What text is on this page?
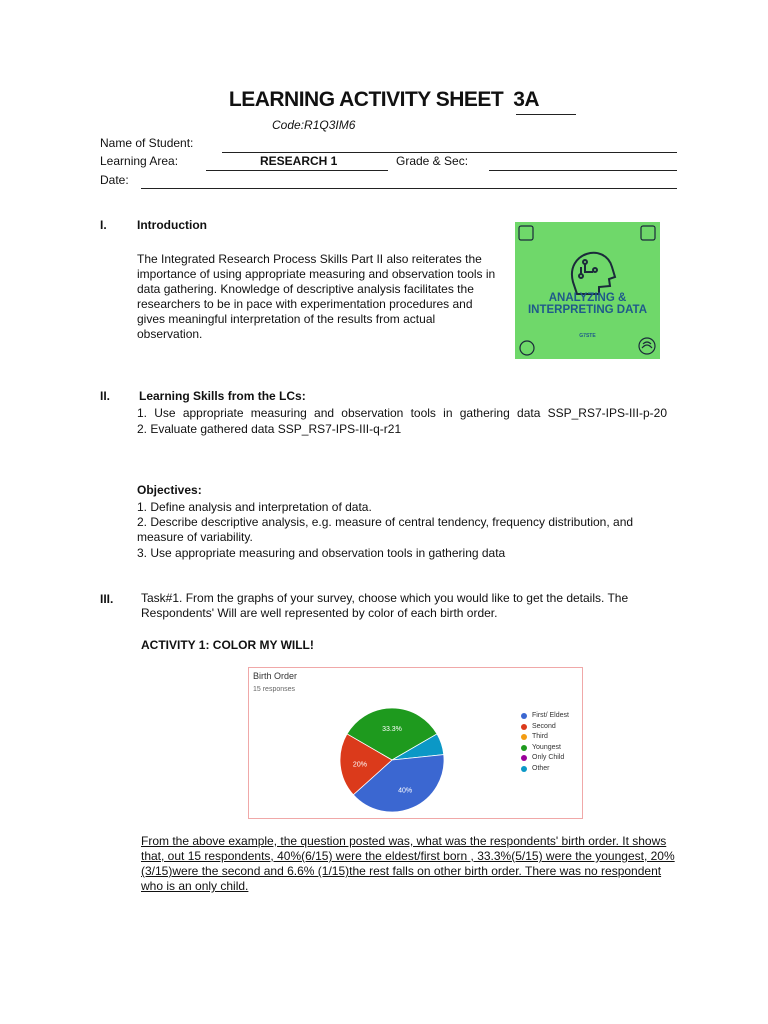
LEARNING ACTIVITY SHEET 3A
Code:R1Q3IM6
Name of Student:
Learning Area:	RESEARCH 1	Grade & Sec:
Date:
I.	Introduction
The Integrated Research Process Skills Part II also reiterates the importance of using appropriate measuring and observation tools in data gathering. Knowledge of descriptive analysis facilitates the researchers to be in pace with experimentation procedures and gives meaningful interpretation of the results from actual observation.
ANALYZING & INTERPRETING DATA
G7STE
II. Learning Skills from the LCs:
1. Use appropriate measuring and observation tools in gathering data SSP_RS7-IPS-III-p-20
2. Evaluate gathered data SSP_RS7-IPS-III-q-r21
Objectives:
1. Define analysis and interpretation of data.
2. Describe descriptive analysis, e.g. measure of central tendency, frequency distribution, and measure of variability.
3. Use appropriate measuring and observation tools in gathering data
III. Task#1. From the graphs of your survey, choose which you would like to get the details. The Respondents' Will are well represented by color of each birth order.
ACTIVITY 1: COLOR MY WILL!
Birth Order
15 responses
33.3%
40%
20%
First/ Eldest
Second
Third
Youngest
Only Child
Other
From the above example, the question posted was, what was the respondents' birth order. It shows that, out 15 respondents, 40%(6/15) were the eldest/first born , 33.3%(5/15) were the youngest, 20% (3/15)were the second and 6.6% (1/15)the rest falls on other birth order. There was no respondent who is an only child.
